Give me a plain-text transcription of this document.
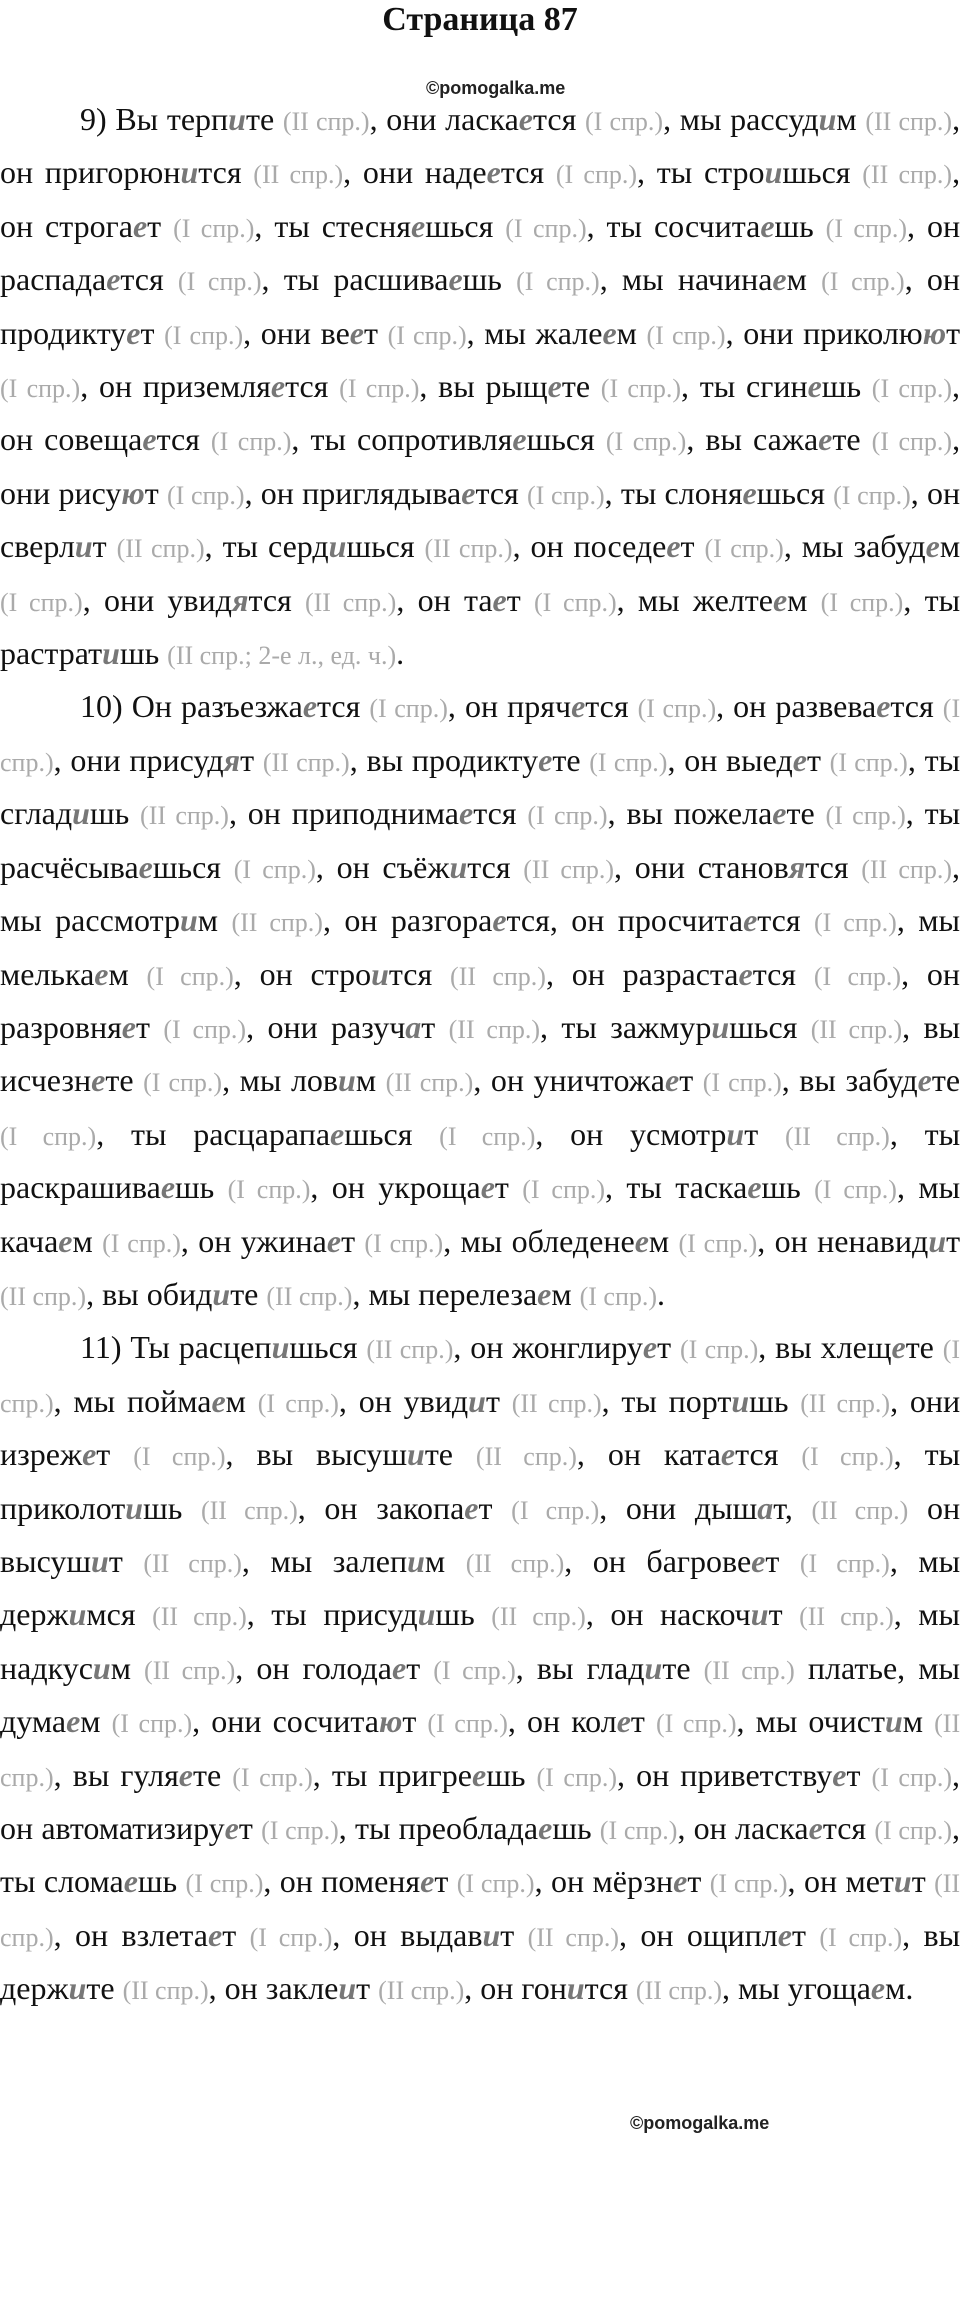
Страница 87
©pomogalka.me
©pomogalka.me

9) Вы терпите (II спр.), они ласкается (I спр.), мы рассудим (II спр.), он пригорюнится (II спр.), они надеется (I спр.), ты строишься (II спр.), он строгает (I спр.), ты стесняешься (I спр.), ты сосчитаешь (I спр.), он распадается (I спр.), ты расшиваешь (I спр.), мы начинаем (I спр.), он продиктует (I спр.), они веет (I спр.), мы жалеем (I спр.), они приколюют (I спр.), он приземляется (I спр.), вы рыщете (I спр.), ты сгинешь (I спр.), он совещается (I спр.), ты сопротивляешься (I спр.), вы сажаете (I спр.), они рисуют (I спр.), он приглядывается (I спр.), ты слоняешься (I спр.), он сверлит (II спр.), ты сердишься (II спр.), он поседеет (I спр.), мы забудем (I спр.), они увидятся (II спр.), он тает (I спр.), мы желтеем (I спр.), ты растратишь (II спр.; 2-е л., ед. ч.).

10) Он разъезжается (I спр.), он прячется (I спр.), он развевается (I спр.), они присудят (II спр.), вы продиктуете (I спр.), он выедет (I спр.), ты сгладишь (II спр.), он приподнимается (I спр.), вы пожелаете (I спр.), ты расчёсываешься (I спр.), он съёжится (II спр.), они становятся (II спр.), мы рассмотрим (II спр.), он разгорается, он просчитается (I спр.), мы мелькаем (I спр.), он строится (II спр.), он разрастается (I спр.), он разровняет (I спр.), они разучат (II спр.), ты зажмуришься (II спр.), вы исчезнете (I спр.), мы ловим (II спр.), он уничтожает (I спр.), вы забудете (I спр.), ты расцарапаешься (I спр.), он усмотрит (II спр.), ты раскрашиваешь (I спр.), он укрощает (I спр.), ты таскаешь (I спр.), мы качаем (I спр.), он ужинает (I спр.), мы обледенеем (I спр.), он ненавидит (II спр.), вы обидите (II спр.), мы перелезаем (I спр.).

11) Ты расцепишься (II спр.), он жонглирует (I спр.), вы хлещете (I спр.), мы поймаем (I спр.), он увидит (II спр.), ты портишь (II спр.), они изрежет (I спр.), вы высушите (II спр.), он катается (I спр.), ты приколотишь (II спр.), он закопает (I спр.), они дышат, (II спр.) он высушит (II спр.), мы залепим (II спр.), он багровеет (I спр.), мы держимся (II спр.), ты присудишь (II спр.), он наскочит (II спр.), мы надкусим (II спр.), он голодает (I спр.), вы гладите (II спр.) платье, мы думаем (I спр.), они сосчитают (I спр.), он колет (I спр.), мы очистим (II спр.), вы гуляете (I спр.), ты пригреешь (I спр.), он приветствует (I спр.), он автоматизирует (I спр.), ты преобладаешь (I спр.), он ласкается (I спр.), ты сломаешь (I спр.), он поменяет (I спр.), он мёрзнет (I спр.), он метит (II спр.), он взлетает (I спр.), он выдавит (II спр.), он ощиплет (I спр.), вы держите (II спр.), он заклeит (II спр.), он гонится (II спр.), мы угощаем.
